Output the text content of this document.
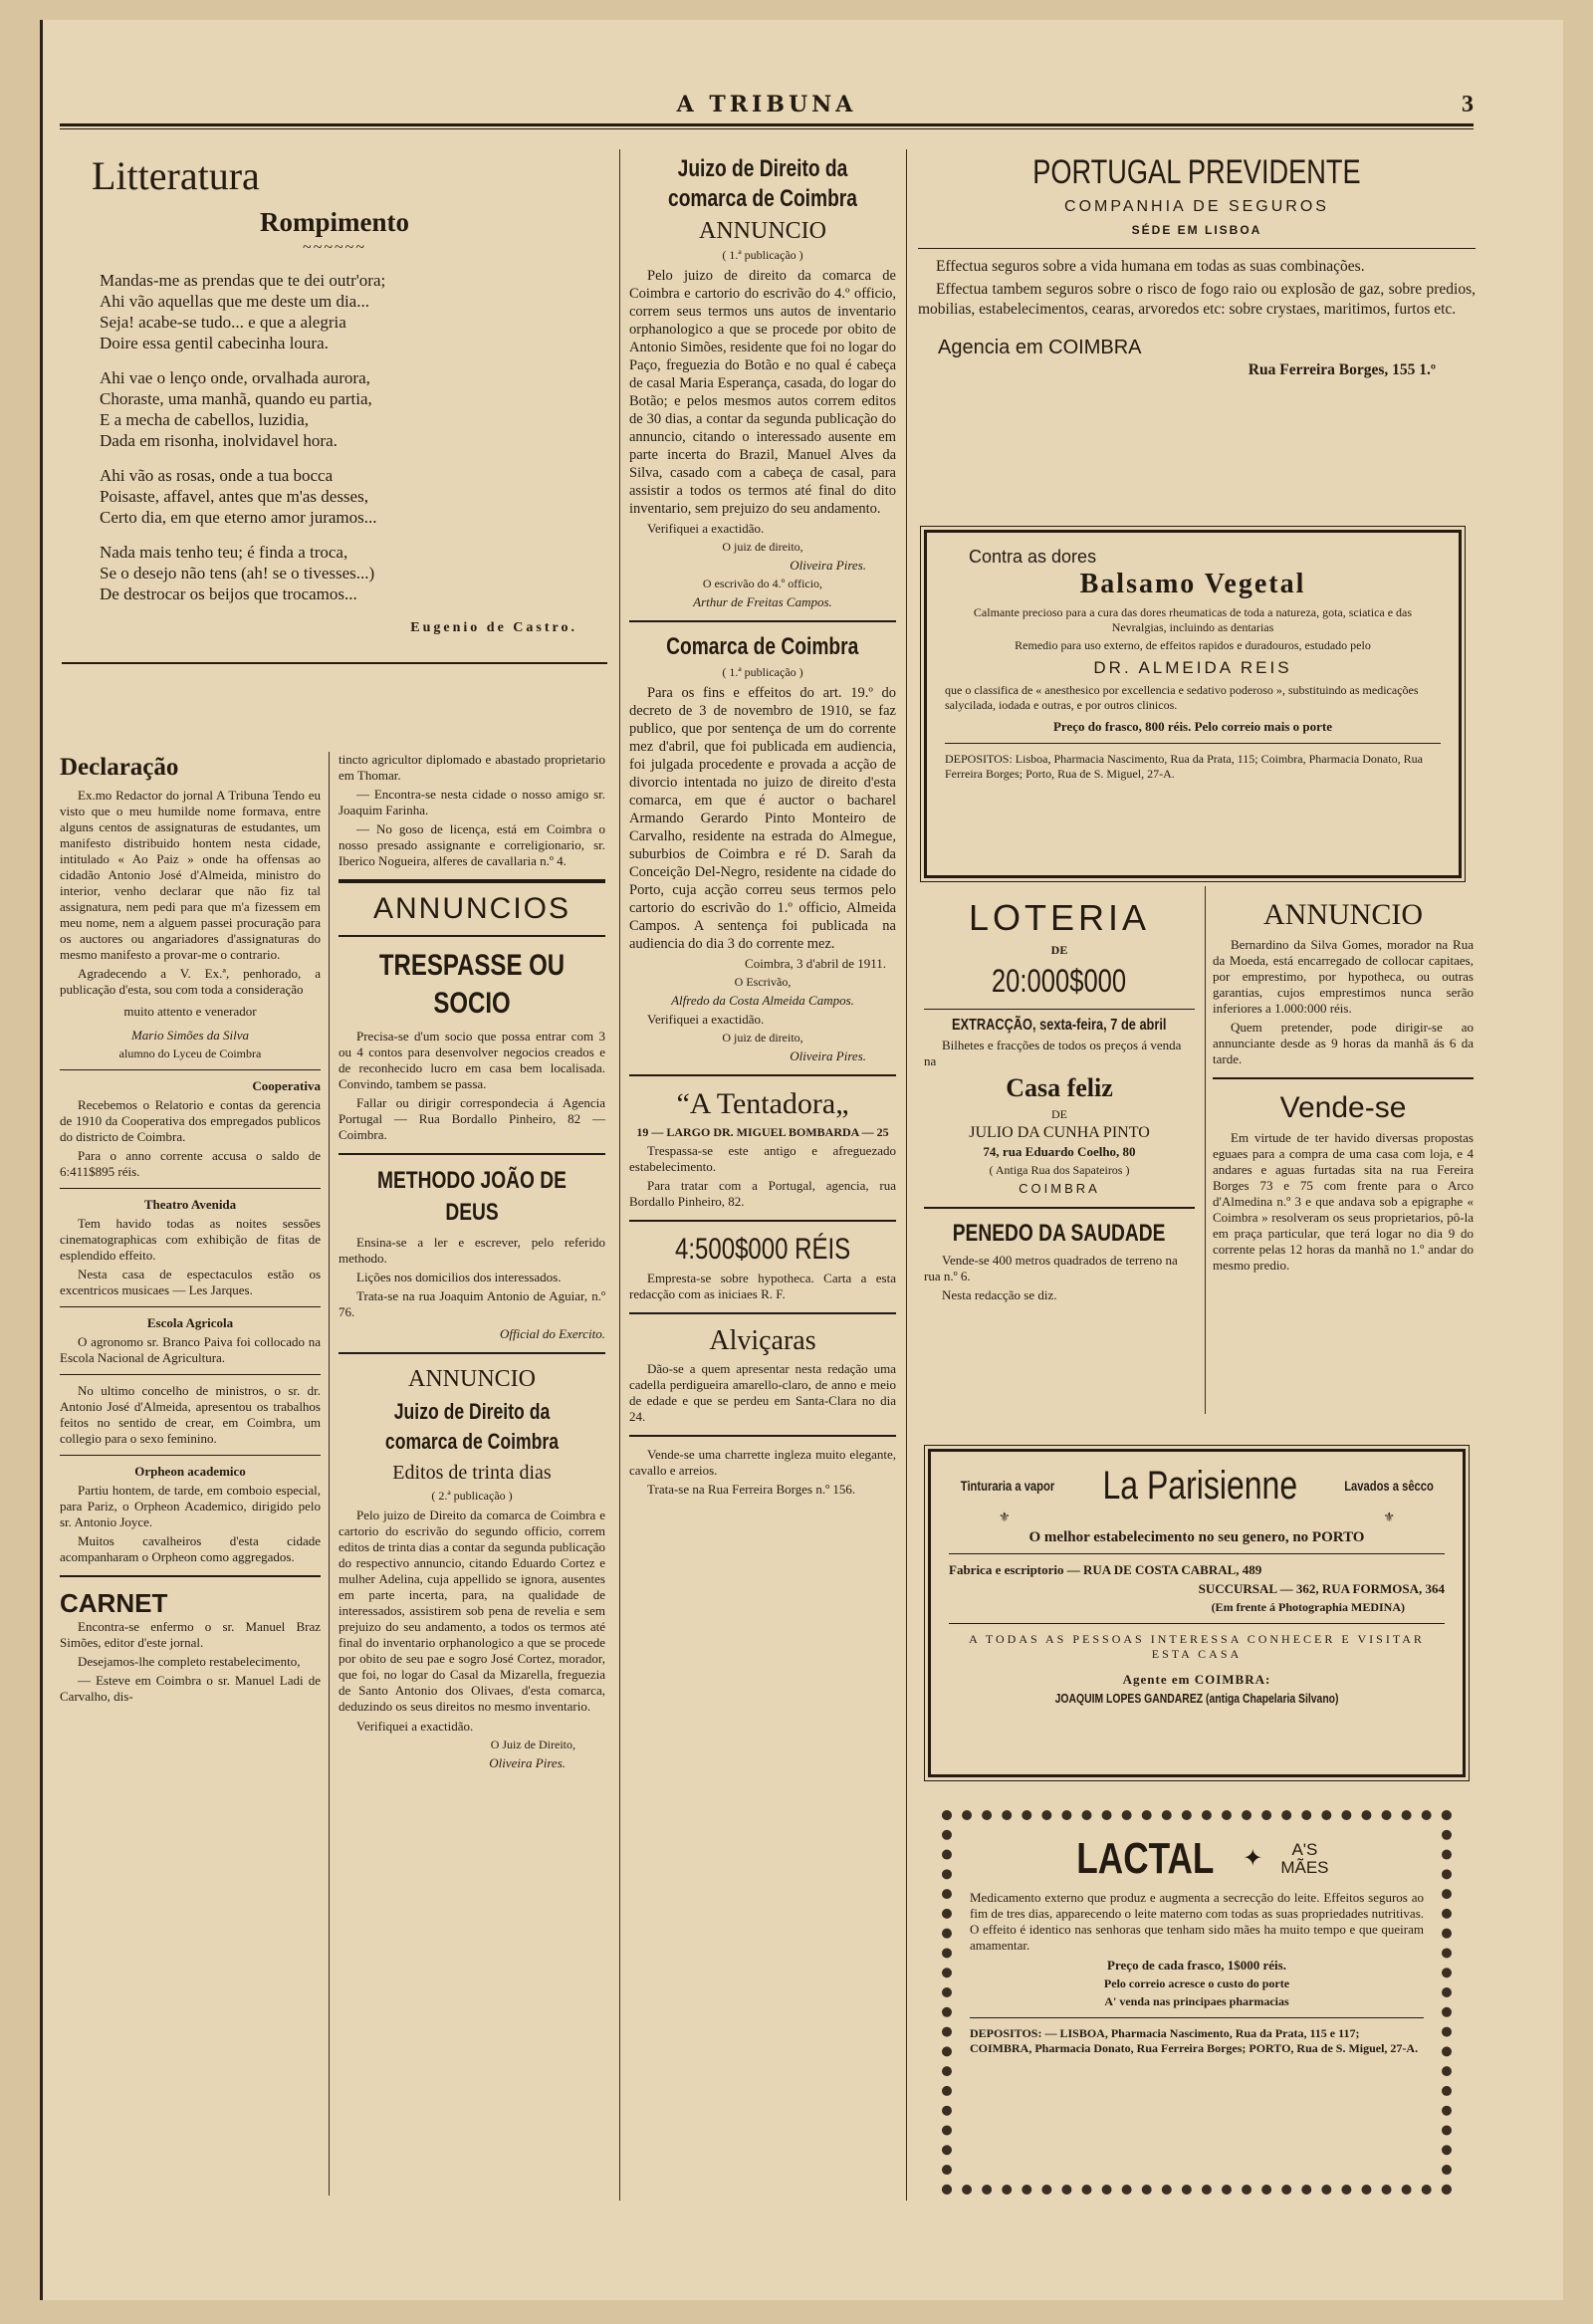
A TRIBUNA	3
Litteratura
Rompimento
~~~~~~

Mandas-me as prendas que te dei outr'ora;

Ahi vão aquellas que me deste um dia...

Seja! acabe-se tudo... e que a alegria

Doire essa gentil cabecinha loura.

Ahi vae o lenço onde, orvalhada aurora,

Choraste, uma manhã, quando eu partia,

E a mecha de cabellos, luzidia,

Dada em risonha, inolvidavel hora.

Ahi vão as rosas, onde a tua bocca

Poisaste, affavel, antes que m'as desses,

Certo dia, em que eterno amor juramos...

Nada mais tenho teu; é finda a troca,

Se o desejo não tens (ah! se o tivesses...)

De destrocar os beijos que trocamos...

Eugenio de Castro.
Declaração

Ex.mo Redactor do jornal A Tribuna Tendo eu visto que o meu humilde nome formava, entre alguns centos de assignaturas de estudantes, um manifesto distribuido hontem nesta cidade, intitulado « Ao Paiz » onde ha offensas ao cidadão Antonio José d'Almeida, ministro do interior, venho declarar que não fiz tal assignatura, nem pedi para que m'a fizessem em meu nome, nem a alguem passei procuração para os auctores ou angariadores d'assignaturas do mesmo manifesto a provar-me o contrario.

Agradecendo a V. Ex.ª, penhorado, a publicação d'esta, sou com toda a consideração

muito attento e venerador

Mario Simões da Silva

alumno do Lyceu de Coimbra

Cooperativa

Recebemos o Relatorio e contas da gerencia de 1910 da Cooperativa dos empregados publicos do districto de Coimbra.

Para o anno corrente accusa o saldo de 6:411$895 réis.

Theatro Avenida

Tem havido todas as noites sessões cinematographicas com exhibição de fitas de esplendido effeito.

Nesta casa de espectaculos estão os excentricos musicaes — Les Jarques.

Escola Agricola

O agronomo sr. Branco Paiva foi collocado na Escola Nacional de Agricultura.

No ultimo concelho de ministros, o sr. dr. Antonio José d'Almeida, apresentou os trabalhos feitos no sentido de crear, em Coimbra, um collegio para o sexo feminino.

Orpheon academico

Partiu hontem, de tarde, em comboio especial, para Pariz, o Orpheon Academico, dirigido pelo sr. Antonio Joyce.

Muitos cavalheiros d'esta cidade acompanharam o Orpheon como aggregados.

CARNET

Encontra-se enfermo o sr. Manuel Braz Simões, editor d'este jornal.

Desejamos-lhe completo restabelecimento,

— Esteve em Coimbra o sr. Manuel Ladi de Carvalho, dis-

tincto agricultor diplomado e abastado proprietario em Thomar.

— Encontra-se nesta cidade o nosso amigo sr. Joaquim Farinha.

— No goso de licença, está em Coimbra o nosso presado assignante e correligionario, sr. Iberico Nogueira, alferes de cavallaria n.º 4.

ANNUNCIOS

TRESPASSE OU SOCIO

Precisa-se d'um socio que possa entrar com 3 ou 4 contos para desenvolver negocios creados e de reconhecido lucro em casa bem localisada. Convindo, tambem se passa.

Fallar ou dirigir correspondecia á Agencia Portugal — Rua Bordallo Pinheiro, 82 — Coimbra.

METHODO JOÃO DE DEUS

Ensina-se a ler e escrever, pelo referido methodo.

Lições nos domicilios dos interessados.

Trata-se na rua Joaquim Antonio de Aguiar, n.º 76.

Official do Exercito.

ANNUNCIO

Juizo de Direito da comarca de Coimbra

Editos de trinta dias

( 2.ª publicação )

Pelo juizo de Direito da comarca de Coimbra e cartorio do escrivão do segundo officio, correm editos de trinta dias a contar da segunda publicação do respectivo annuncio, citando Eduardo Cortez e mulher Adelina, cuja appellido se ignora, ausentes em parte incerta, para, na qualidade de interessados, assistirem sob pena de revelia e sem prejuizo do seu andamento, a todos os termos até final do inventario orphanologico a que se procede por obito de seu pae e sogro José Cortez, morador, que foi, no logar do Casal da Mizarella, freguezia de Santo Antonio dos Olivaes, d'esta comarca, deduzindo os seus direitos no mesmo inventario.

Verifiquei a exactidão.

O Juiz de Direito,

Oliveira Pires.

Juizo de Direito da comarca de Coimbra

ANNUNCIO

( 1.ª publicação )

Pelo juizo de direito da comarca de Coimbra e cartorio do escrivão do 4.º officio, correm seus termos uns autos de inventario orphanologico a que se procede por obito de Antonio Simões, residente que foi no logar do Paço, freguezia do Botão e no qual é cabeça de casal Maria Esperança, casada, do logar do Botão; e pelos mesmos autos correm editos de 30 dias, a contar da segunda publicação do annuncio, citando o interessado ausente em parte incerta do Brazil, Manuel Alves da Silva, casado com a cabeça de casal, para assistir a todos os termos até final do dito inventario, sem prejuizo do seu andamento.

Verifiquei a exactidão.

O juiz de direito,

Oliveira Pires.

O escrivão do 4.º officio,

Arthur de Freitas Campos.

Comarca de Coimbra

( 1.ª publicação )

Para os fins e effeitos do art. 19.º do decreto de 3 de novembro de 1910, se faz publico, que por sentença de um do corrente mez d'abril, que foi publicada em audiencia, foi julgada procedente e provada a acção de divorcio intentada no juizo de direito d'esta comarca, em que é auctor o bacharel Armando Gerardo Pinto Monteiro de Carvalho, residente na estrada do Almegue, suburbios de Coimbra e ré D. Sarah da Conceição Del-Negro, residente na cidade do Porto, cuja acção correu seus termos pelo cartorio do escrivão do 1.º officio, Almeida Campos. A sentença foi publicada na audiencia do dia 3 do corrente mez.

Coimbra, 3 d'abril de 1911.

O Escrivão,

Alfredo da Costa Almeida Campos.

Verifiquei a exactidão.

O juiz de direito,

Oliveira Pires.

“A Tentadora„

19 — LARGO DR. MIGUEL BOMBARDA — 25

Trespassa-se este antigo e afreguezado estabelecimento.

Para tratar com a Portugal, agencia, rua Bordallo Pinheiro, 82.

4:500$000 RÉIS

Empresta-se sobre hypotheca. Carta a esta redacção com as iniciaes R. F.

Alviçaras

Dão-se a quem apresentar nesta redação uma cadella perdigueira amarello-claro, de anno e meio de edade e que se perdeu em Santa-Clara no dia 24.

Vende-se uma charrette ingleza muito elegante, cavallo e arreios.

Trata-se na Rua Ferreira Borges n.º 156.

PORTUGAL PREVIDENTE

COMPANHIA DE SEGUROS

SÉDE EM LISBOA

Effectua seguros sobre a vida humana em todas as suas combinações.

Effectua tambem seguros sobre o risco de fogo raio ou explosão de gaz, sobre predios, mobilias, estabelecimentos, cearas, arvoredos etc: sobre crystaes, maritimos, furtos etc.

Agencia em COIMBRA

Rua Ferreira Borges, 155 1.º

Contra as dores

Balsamo Vegetal

Calmante precioso para a cura das dores rheumaticas de toda a natureza, gota, sciatica e das Nevralgias, incluindo as dentarias

Remedio para uso externo, de effeitos rapidos e duradouros, estudado pelo

DR. ALMEIDA REIS

que o classifica de « anesthesico por excellencia e sedativo poderoso », substituindo as medicações salycilada, iodada e outras, e por outros clinicos.

Preço do frasco, 800 réis. Pelo correio mais o porte

DEPOSITOS: Lisboa, Pharmacia Nascimento, Rua da Prata, 115; Coimbra, Pharmacia Donato, Rua Ferreira Borges; Porto, Rua de S. Miguel, 27-A.

LOTERIA

DE

20:000$000

EXTRACÇÃO, sexta-feira, 7 de abril

Bilhetes e fracções de todos os preços á venda na

Casa feliz

DE

JULIO DA CUNHA PINTO

74, rua Eduardo Coelho, 80

( Antiga Rua dos Sapateiros )

COIMBRA

PENEDO DA SAUDADE

Vende-se 400 metros quadrados de terreno na rua n.º 6.

Nesta redacção se diz.

ANNUNCIO

Bernardino da Silva Gomes, morador na Rua da Moeda, está encarregado de collocar capitaes, por emprestimo, por hypotheca, ou outras garantias, cujos emprestimos nunca serão inferiores a 1.000:000 réis.

Quem pretender, pode dirigir-se ao annunciante desde as 9 horas da manhã ás 6 da tarde.

Vende-se

Em virtude de ter havido diversas propostas eguaes para a compra de uma casa com loja, e 4 andares e aguas furtadas sita na rua Fereira Borges 73 e 75 com frente para o Arco d'Almedina n.º 3 e que andava sob a epigraphe « Coimbra » resolveram os seus proprietarios, pô-la em praça particular, que terá logar no dia 9 do corrente pelas 12 horas da manhã no 1.º andar do mesmo predio.

Tinturaria a vapor La Parisienne	Lavados a sêcco
⚜	⚜

O melhor estabelecimento no seu genero, no PORTO

Fabrica e escriptorio — RUA DE COSTA CABRAL, 489

SUCCURSAL — 362, RUA FORMOSA, 364

(Em frente á Photographia MEDINA)

A TODAS AS PESSOAS INTERESSA CONHECER E VISITAR ESTA CASA

Agente em COIMBRA:

JOAQUIM LOPES GANDAREZ (antiga Chapelaria Silvano)

LACTAL ✦	A'S MÃES

Medicamento externo que produz e augmenta a secrecção do leite. Effeitos seguros ao fim de tres dias, apparecendo o leite materno com todas as suas propriedades nutritivas. O effeito é identico nas senhoras que tenham sido mães ha muito tempo e que queiram amamentar.

Preço de cada frasco, 1$000 réis.

Pelo correio acresce o custo do porte

A' venda nas principaes pharmacias

DEPOSITOS: — LISBOA, Pharmacia Nascimento, Rua da Prata, 115 e 117; COIMBRA, Pharmacia Donato, Rua Ferreira Borges; PORTO, Rua de S. Miguel, 27-A.
